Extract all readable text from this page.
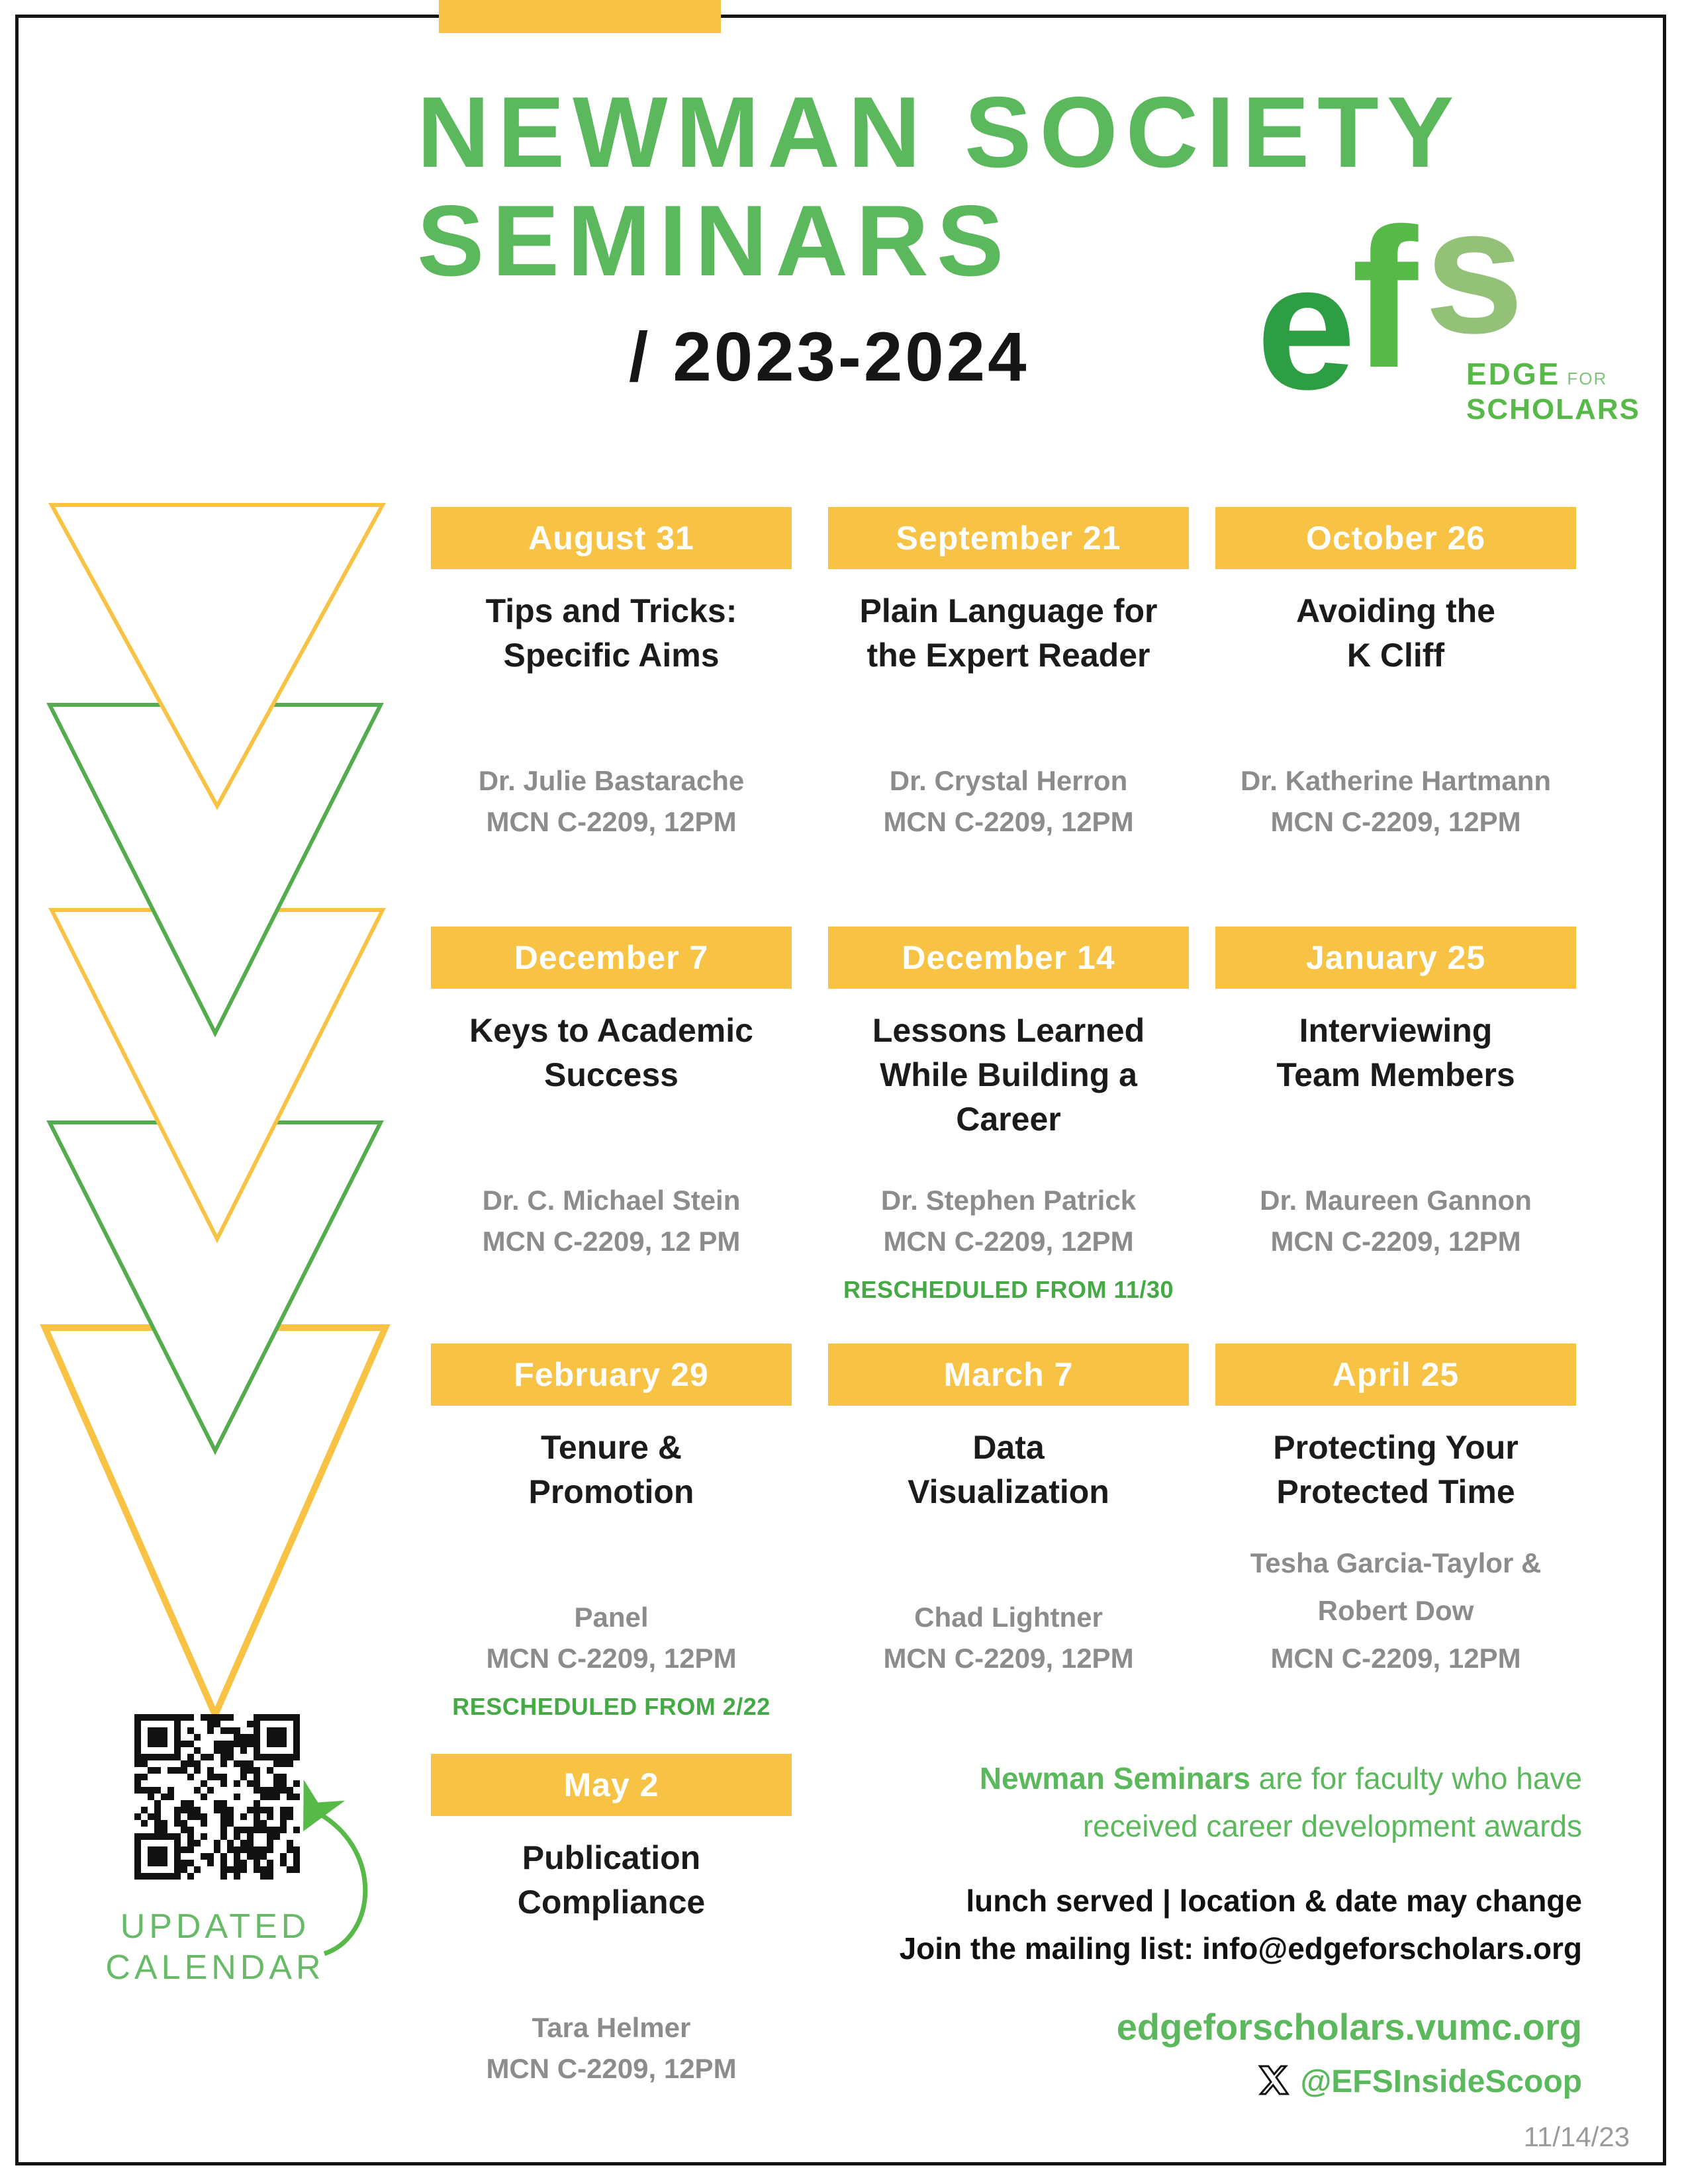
NEWMAN SOCIETY
SEMINARS
/ 2023-2024 e
f s
EDGE FOR
SCHOLARS
August 31
Tips and Tricks:
Specific Aims
Dr. Julie Bastarache
MCN C-2209, 12PM
September 21
Plain Language for
the Expert Reader
Dr. Crystal Herron
MCN C-2209, 12PM
October 26
Avoiding the
K Cliff
Dr. Katherine Hartmann
MCN C-2209, 12PM
December 7
Keys to Academic
Success
Dr. C. Michael Stein
MCN C-2209, 12 PM
December 14
Lessons Learned
While Building a
Career
Dr. Stephen Patrick
MCN C-2209, 12PM
RESCHEDULED FROM 11/30
January 25
Interviewing
Team Members
Dr. Maureen Gannon
MCN C-2209, 12PM
February 29
Tenure &
Promotion
Panel
MCN C-2209, 12PM
RESCHEDULED FROM 2/22
March 7
Data
Visualization
Chad Lightner
MCN C-2209, 12PM
April 25
Protecting Your
Protected Time
Tesha Garcia-Taylor &
Robert Dow
MCN C-2209, 12PM
May 2
Publication
Compliance
Tara Helmer
MCN C-2209, 12PM
UPDATED
CALENDAR
Newman Seminars are for faculty who have
received career development awards
lunch served | location & date may change
Join the mailing list: info@edgeforscholars.org
edgeforscholars.vumc.org
@EFSInsideScoop
11/14/23
